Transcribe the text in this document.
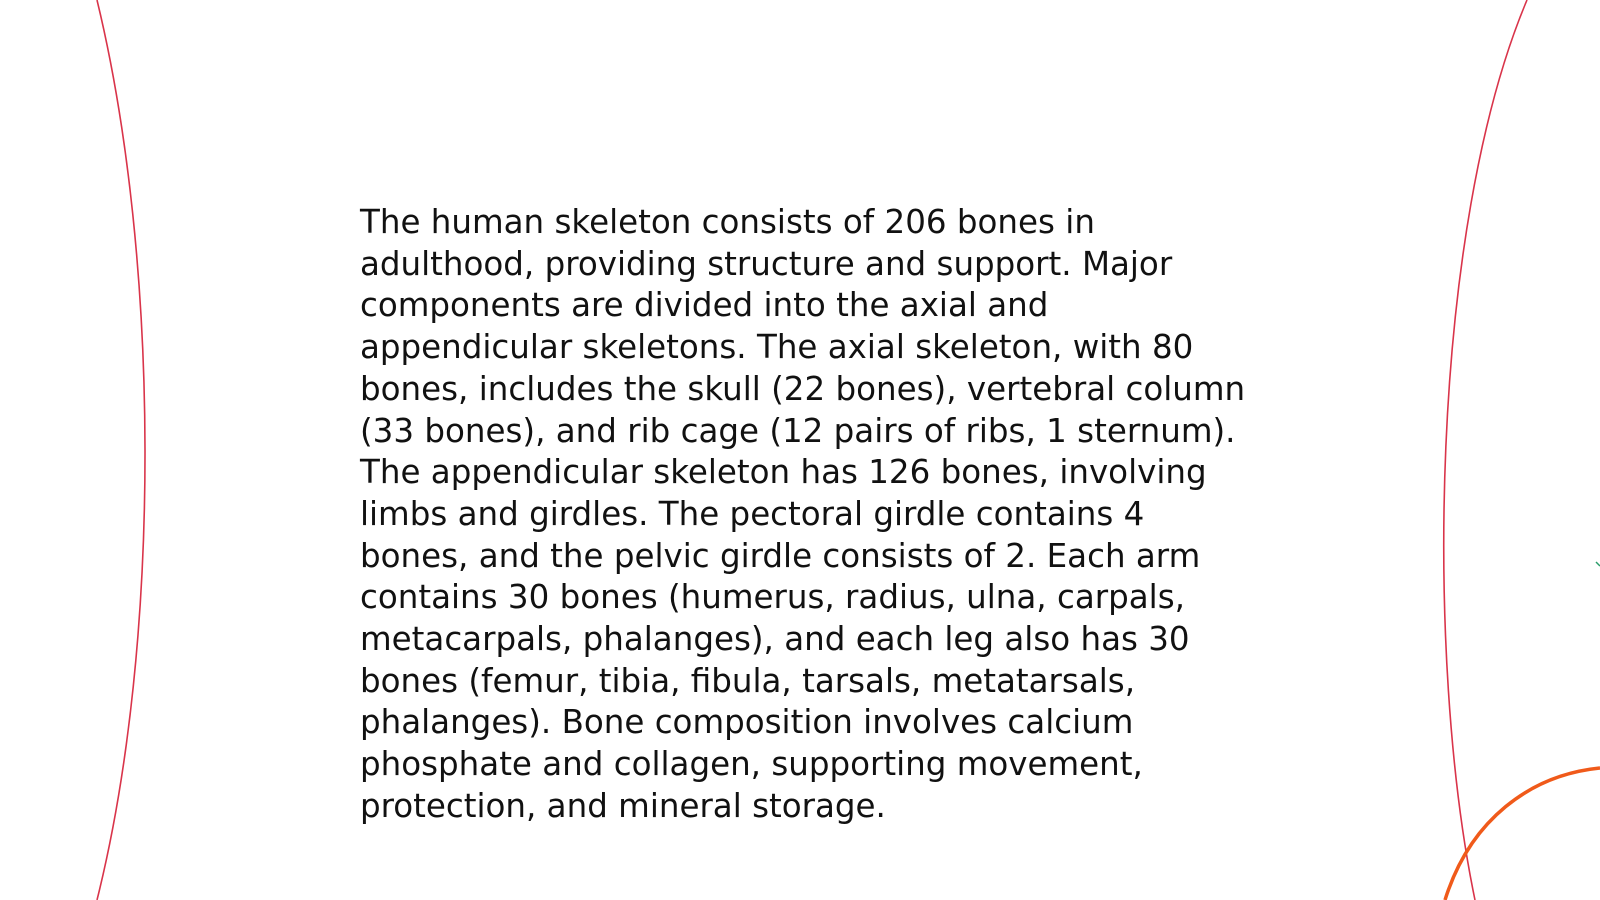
The human skeleton consists of 206 bones in adulthood, providing structure and support. Major components are divided into the axial and appendicular skeletons. The axial skeleton, with 80 bones, includes the skull (22 bones), vertebral column (33 bones), and rib cage (12 pairs of ribs, 1 sternum). The appendicular skeleton has 126 bones, involving limbs and girdles. The pectoral girdle contains 4 bones, and the pelvic girdle consists of 2. Each arm contains 30 bones (humerus, radius, ulna, carpals, metacarpals, phalanges), and each leg also has 30 bones (femur, tibia, fibula, tarsals, metatarsals, phalanges). Bone composition involves calcium phosphate and collagen, supporting movement, protection, and mineral storage.
